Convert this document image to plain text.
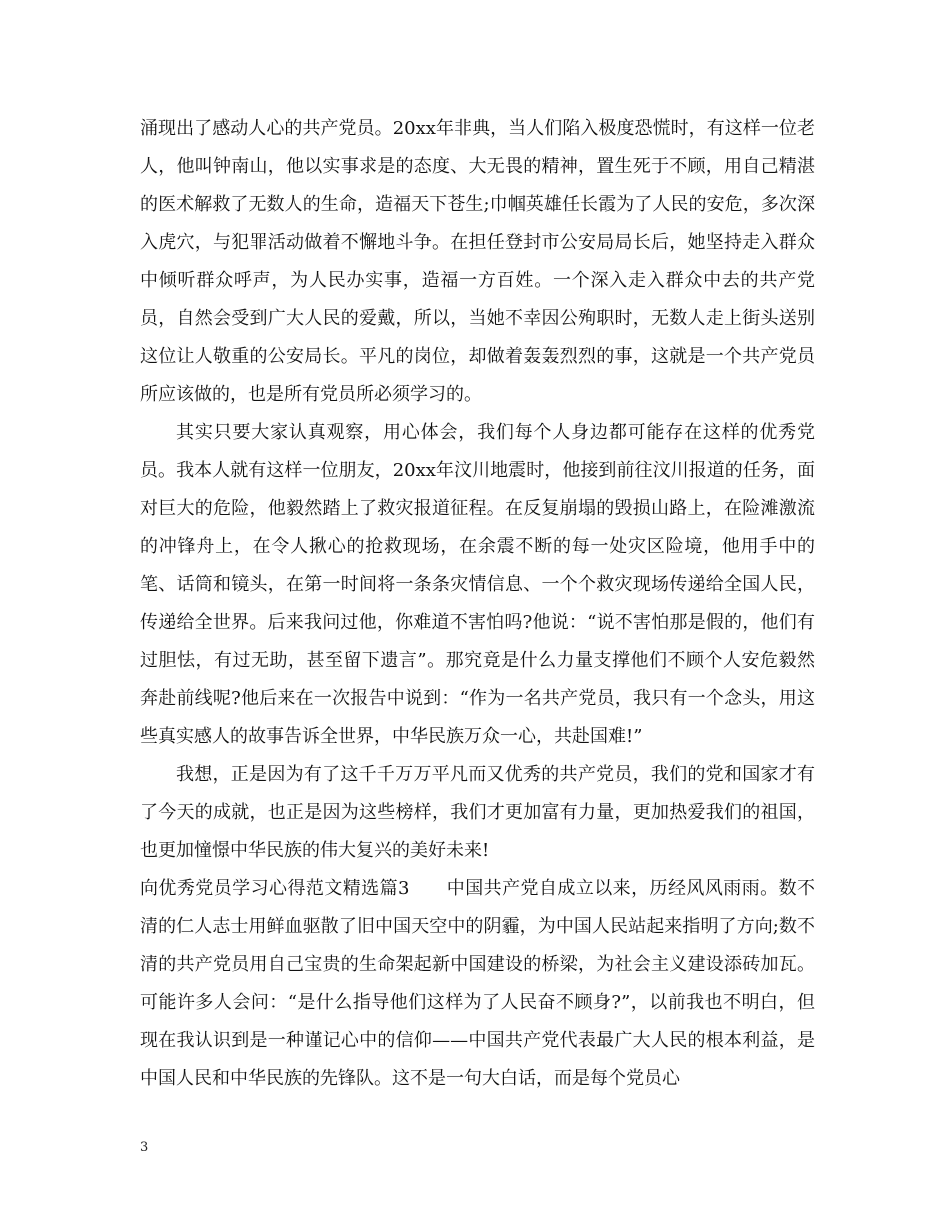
涌现出了感动人心的共产党员。20xx年非典，当人们陷入极度恐慌时，有这样一位老人，他叫钟南山，他以实事求是的态度、大无畏的精神，置生死于不顾，用自己精湛的医术解救了无数人的生命，造福天下苍生;巾帼英雄任长霞为了人民的安危，多次深入虎穴，与犯罪活动做着不懈地斗争。在担任登封市公安局局长后，她坚持走入群众中倾听群众呼声，为人民办实事，造福一方百姓。一个深入走入群众中去的共产党员，自然会受到广大人民的爱戴，所以，当她不幸因公殉职时，无数人走上街头送别这位让人敬重的公安局长。平凡的岗位，却做着轰轰烈烈的事，这就是一个共产党员所应该做的，也是所有党员所必须学习的。

其实只要大家认真观察，用心体会，我们每个人身边都可能存在这样的优秀党员。我本人就有这样一位朋友，20xx年汶川地震时，他接到前往汶川报道的任务，面对巨大的危险，他毅然踏上了救灾报道征程。在反复崩塌的毁损山路上，在险滩激流的冲锋舟上，在令人揪心的抢救现场，在余震不断的每一处灾区险境，他用手中的笔、话筒和镜头，在第一时间将一条条灾情信息、一个个救灾现场传递给全国人民，传递给全世界。后来我问过他，你难道不害怕吗?他说：“说不害怕那是假的，他们有过胆怯，有过无助，甚至留下遗言”。那究竟是什么力量支撑他们不顾个人安危毅然奔赴前线呢?他后来在一次报告中说到：“作为一名共产党员，我只有一个念头，用这些真实感人的故事告诉全世界，中华民族万众一心，共赴国难!”

我想，正是因为有了这千千万万平凡而又优秀的共产党员，我们的党和国家才有了今天的成就，也正是因为这些榜样，我们才更加富有力量，更加热爱我们的祖国，也更加憧憬中华民族的伟大复兴的美好未来!

向优秀党员学习心得范文精选篇3　　中国共产党自成立以来，历经风风雨雨。数不清的仁人志士用鲜血驱散了旧中国天空中的阴霾，为中国人民站起来指明了方向;数不清的共产党员用自己宝贵的生命架起新中国建设的桥梁，为社会主义建设添砖加瓦。可能许多人会问：“是什么指导他们这样为了人民奋不顾身?”，以前我也不明白，但现在我认识到是一种谨记心中的信仰——中国共产党代表最广大人民的根本利益，是中国人民和中华民族的先锋队。这不是一句大白话，而是每个党员心

3
